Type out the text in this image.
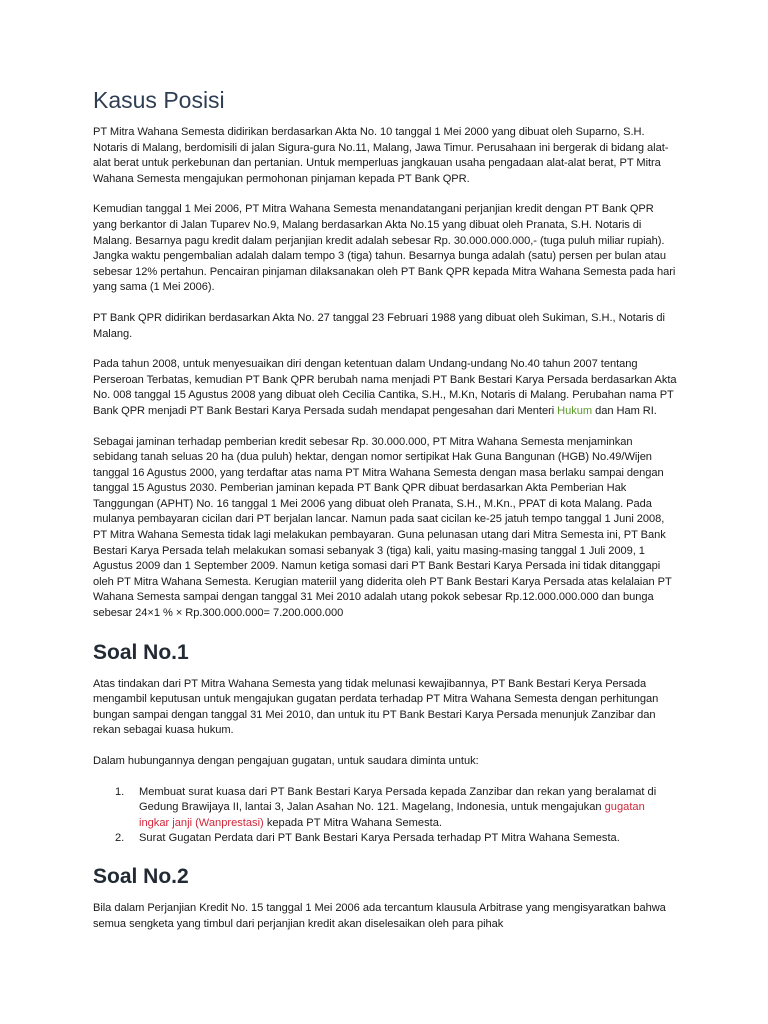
Kasus Posisi

PT Mitra Wahana Semesta didirikan berdasarkan Akta No. 10 tanggal 1 Mei 2000 yang dibuat oleh Suparno, S.H. Notaris di Malang, berdomisili di jalan Sigura-gura No.11, Malang, Jawa Timur. Perusahaan ini bergerak di bidang alat-alat berat untuk perkebunan dan pertanian. Untuk memperluas jangkauan usaha pengadaan alat-alat berat, PT Mitra Wahana Semesta mengajukan permohonan pinjaman kepada PT Bank QPR.

Kemudian tanggal 1 Mei 2006, PT Mitra Wahana Semesta menandatangani perjanjian kredit dengan PT Bank QPR yang berkantor di Jalan Tuparev No.9, Malang berdasarkan Akta No.15 yang dibuat oleh Pranata, S.H. Notaris di Malang. Besarnya pagu kredit dalam perjanjian kredit adalah sebesar Rp. 30.000.000.000,- (tuga puluh miliar rupiah). Jangka waktu pengembalian adalah dalam tempo 3 (tiga) tahun. Besarnya bunga adalah (satu) persen per bulan atau sebesar 12% pertahun. Pencairan pinjaman dilaksanakan oleh PT Bank QPR kepada Mitra Wahana Semesta pada hari yang sama (1 Mei 2006).

PT Bank QPR didirikan berdasarkan Akta No. 27 tanggal 23 Februari 1988 yang dibuat oleh Sukiman, S.H., Notaris di Malang.

Pada tahun 2008, untuk menyesuaikan diri dengan ketentuan dalam Undang-undang No.40 tahun 2007 tentang Perseroan Terbatas, kemudian PT Bank QPR berubah nama menjadi PT Bank Bestari Karya Persada berdasarkan Akta No. 008 tanggal 15 Agustus 2008 yang dibuat oleh Cecilia Cantika, S.H., M.Kn, Notaris di Malang. Perubahan nama PT Bank QPR menjadi PT Bank Bestari Karya Persada sudah mendapat pengesahan dari Menteri Hukum dan Ham RI.

Sebagai jaminan terhadap pemberian kredit sebesar Rp. 30.000.000, PT Mitra Wahana Semesta menjaminkan sebidang tanah seluas 20 ha (dua puluh) hektar, dengan nomor sertipikat Hak Guna Bangunan (HGB) No.49/Wijen tanggal 16 Agustus 2000, yang terdaftar atas nama PT Mitra Wahana Semesta dengan masa berlaku sampai dengan tanggal 15 Agustus 2030. Pemberian jaminan kepada PT Bank QPR dibuat berdasarkan Akta Pemberian Hak Tanggungan (APHT) No. 16 tanggal 1 Mei 2006 yang dibuat oleh Pranata, S.H., M.Kn., PPAT di kota Malang. Pada mulanya pembayaran cicilan dari PT berjalan lancar. Namun pada saat cicilan ke-25 jatuh tempo tanggal 1 Juni 2008, PT Mitra Wahana Semesta tidak lagi melakukan pembayaran. Guna pelunasan utang dari Mitra Semesta ini, PT Bank Bestari Karya Persada telah melakukan somasi sebanyak 3 (tiga) kali, yaitu masing-masing tanggal 1 Juli 2009, 1 Agustus 2009 dan 1 September 2009. Namun ketiga somasi dari PT Bank Bestari Karya Persada ini tidak ditanggapi oleh PT Mitra Wahana Semesta. Kerugian materiil yang diderita oleh PT Bank Bestari Karya Persada atas kelalaian PT Wahana Semesta sampai dengan tanggal 31 Mei 2010 adalah utang pokok sebesar Rp.12.000.000.000 dan bunga sebesar 24×1 % × Rp.300.000.000= 7.200.000.000

Soal No.1

Atas tindakan dari PT Mitra Wahana Semesta yang tidak melunasi kewajibannya, PT Bank Bestari Kerya Persada mengambil keputusan untuk mengajukan gugatan perdata terhadap PT Mitra Wahana Semesta dengan perhitungan bungan sampai dengan tanggal 31 Mei 2010, dan untuk itu PT Bank Bestari Karya Persada menunjuk Zanzibar dan rekan sebagai kuasa hukum.

Dalam hubungannya dengan pengajuan gugatan, untuk saudara diminta untuk:

1.	Membuat surat kuasa dari PT Bank Bestari Karya Persada kepada Zanzibar dan rekan yang beralamat di Gedung Brawijaya II, lantai 3, Jalan Asahan No. 121. Magelang, Indonesia, untuk mengajukan gugatan ingkar janji (Wanprestasi) kepada PT Mitra Wahana Semesta.
2.	Surat Gugatan Perdata dari PT Bank Bestari Karya Persada terhadap PT Mitra Wahana Semesta.
Soal No.2

Bila dalam Perjanjian Kredit No. 15 tanggal 1 Mei 2006 ada tercantum klausula Arbitrase yang mengisyaratkan bahwa semua sengketa yang timbul dari perjanjian kredit akan diselesaikan oleh para pihak
